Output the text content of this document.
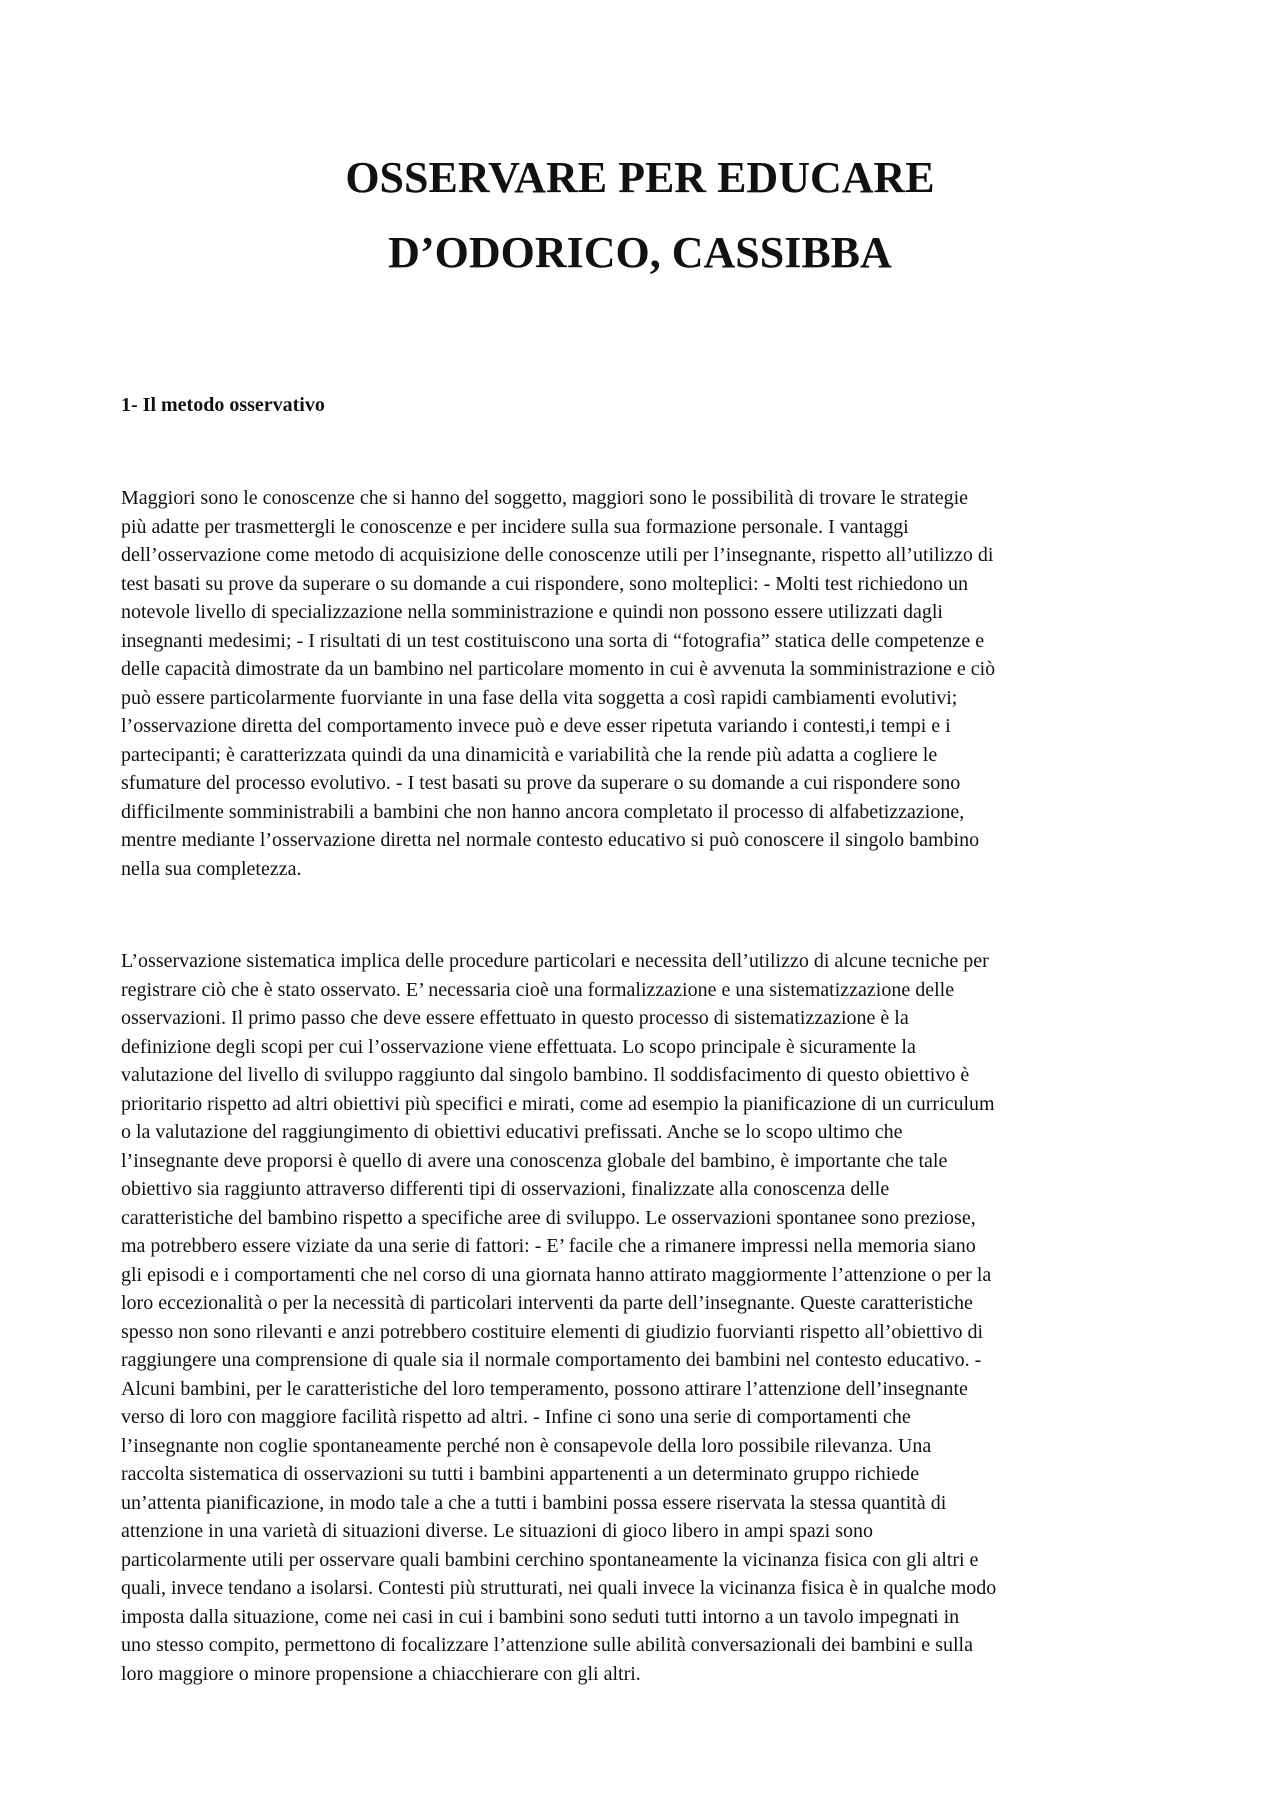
OSSERVARE PER EDUCARE
D’ODORICO, CASSIBBA
1- Il metodo osservativo
Maggiori sono le conoscenze che si hanno del soggetto, maggiori sono le possibilità di trovare le strategie
più adatte per trasmettergli le conoscenze e per incidere sulla sua formazione personale. I vantaggi
dell’osservazione come metodo di acquisizione delle conoscenze utili per l’insegnante, rispetto all’utilizzo di
test basati su prove da superare o su domande a cui rispondere, sono molteplici: - Molti test richiedono un
notevole livello di specializzazione nella somministrazione e quindi non possono essere utilizzati dagli
insegnanti medesimi; - I risultati di un test costituiscono una sorta di “fotografia” statica delle competenze e
delle capacità dimostrate da un bambino nel particolare momento in cui è avvenuta la somministrazione e ciò
può essere particolarmente fuorviante in una fase della vita soggetta a così rapidi cambiamenti evolutivi;
l’osservazione diretta del comportamento invece può e deve esser ripetuta variando i contesti,i tempi e i
partecipanti; è caratterizzata quindi da una dinamicità e variabilità che la rende più adatta a cogliere le
sfumature del processo evolutivo. - I test basati su prove da superare o su domande a cui rispondere sono
difficilmente somministrabili a bambini che non hanno ancora completato il processo di alfabetizzazione,
mentre mediante l’osservazione diretta nel normale contesto educativo si può conoscere il singolo bambino
nella sua completezza.
L’osservazione sistematica implica delle procedure particolari e necessita dell’utilizzo di alcune tecniche per
registrare ciò che è stato osservato. E’ necessaria cioè una formalizzazione e una sistematizzazione delle
osservazioni. Il primo passo che deve essere effettuato in questo processo di sistematizzazione è la
definizione degli scopi per cui l’osservazione viene effettuata. Lo scopo principale è sicuramente la
valutazione del livello di sviluppo raggiunto dal singolo bambino. Il soddisfacimento di questo obiettivo è
prioritario rispetto ad altri obiettivi più specifici e mirati, come ad esempio la pianificazione di un curriculum
o la valutazione del raggiungimento di obiettivi educativi prefissati. Anche se lo scopo ultimo che
l’insegnante deve proporsi è quello di avere una conoscenza globale del bambino, è importante che tale
obiettivo sia raggiunto attraverso differenti tipi di osservazioni, finalizzate alla conoscenza delle
caratteristiche del bambino rispetto a specifiche aree di sviluppo. Le osservazioni spontanee sono preziose,
ma potrebbero essere viziate da una serie di fattori: - E’ facile che a rimanere impressi nella memoria siano
gli episodi e i comportamenti che nel corso di una giornata hanno attirato maggiormente l’attenzione o per la
loro eccezionalità o per la necessità di particolari interventi da parte dell’insegnante. Queste caratteristiche
spesso non sono rilevanti e anzi potrebbero costituire elementi di giudizio fuorvianti rispetto all’obiettivo di
raggiungere una comprensione di quale sia il normale comportamento dei bambini nel contesto educativo. -
Alcuni bambini, per le caratteristiche del loro temperamento, possono attirare l’attenzione dell’insegnante
verso di loro con maggiore facilità rispetto ad altri. - Infine ci sono una serie di comportamenti che
l’insegnante non coglie spontaneamente perché non è consapevole della loro possibile rilevanza. Una
raccolta sistematica di osservazioni su tutti i bambini appartenenti a un determinato gruppo richiede
un’attenta pianificazione, in modo tale a che a tutti i bambini possa essere riservata la stessa quantità di
attenzione in una varietà di situazioni diverse. Le situazioni di gioco libero in ampi spazi sono
particolarmente utili per osservare quali bambini cerchino spontaneamente la vicinanza fisica con gli altri e
quali, invece tendano a isolarsi. Contesti più strutturati, nei quali invece la vicinanza fisica è in qualche modo
imposta dalla situazione, come nei casi in cui i bambini sono seduti tutti intorno a un tavolo impegnati in
uno stesso compito, permettono di focalizzare l’attenzione sulle abilità conversazionali dei bambini e sulla
loro maggiore o minore propensione a chiacchierare con gli altri.
